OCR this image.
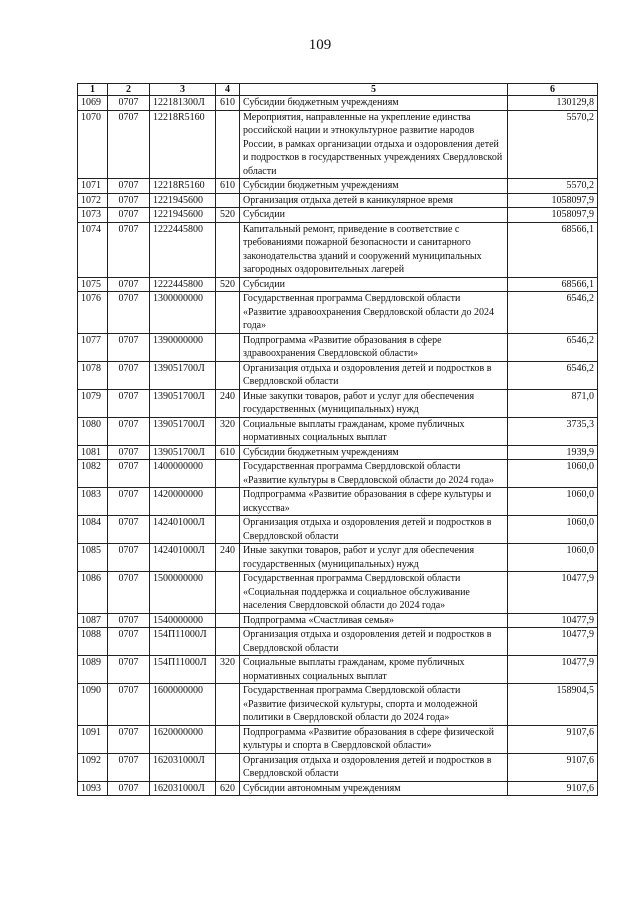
109
1	2	3	4	5	6
1069	0707	122181300Л	610	Субсидии бюджетным учреждениям	130129,8
1070	0707	12218R5160		Мероприятия, направленные на укрепление единства российской нации и этнокультурное развитие народов России, в рамках организации отдыха и оздоровления детей и подростков в государственных учреждениях Свердловской области	5570,2
1071	0707	12218R5160	610	Субсидии бюджетным учреждениям	5570,2
1072	0707	1221945600		Организация отдыха детей в каникулярное время	1058097,9
1073	0707	1221945600	520	Субсидии	1058097,9
1074	0707	1222445800		Капитальный ремонт, приведение в соответствие с требованиями пожарной безопасности и санитарного законодательства зданий и сооружений муниципальных загородных оздоровительных лагерей	68566,1
1075	0707	1222445800	520	Субсидии	68566,1
1076	0707	1300000000		Государственная программа Свердловской области «Развитие здравоохранения Свердловской области до 2024 года»	6546,2
1077	0707	1390000000		Подпрограмма «Развитие образования в сфере здравоохранения Свердловской области»	6546,2
1078	0707	139051700Л		Организация отдыха и оздоровления детей и подростков в Свердловской области	6546,2
1079	0707	139051700Л	240	Иные закупки товаров, работ и услуг для обеспечения государственных (муниципальных) нужд	871,0
1080	0707	139051700Л	320	Социальные выплаты гражданам, кроме публичных нормативных социальных выплат	3735,3
1081	0707	139051700Л	610	Субсидии бюджетным учреждениям	1939,9
1082	0707	1400000000		Государственная программа Свердловской области «Развитие культуры в Свердловской области до 2024 года»	1060,0
1083	0707	1420000000		Подпрограмма «Развитие образования в сфере культуры и искусства»	1060,0
1084	0707	142401000Л		Организация отдыха и оздоровления детей и подростков в Свердловской области	1060,0
1085	0707	142401000Л	240	Иные закупки товаров, работ и услуг для обеспечения государственных (муниципальных) нужд	1060,0
1086	0707	1500000000		Государственная программа Свердловской области «Социальная поддержка и социальное обслуживание населения Свердловской области до 2024 года»	10477,9
1087	0707	1540000000		Подпрограмма «Счастливая семья»	10477,9
1088	0707	154П11000Л		Организация отдыха и оздоровления детей и подростков в Свердловской области	10477,9
1089	0707	154П11000Л	320	Социальные выплаты гражданам, кроме публичных нормативных социальных выплат	10477,9
1090	0707	1600000000		Государственная программа Свердловской области «Развитие физической культуры, спорта и молодежной политики в Свердловской области до 2024 года»	158904,5
1091	0707	1620000000		Подпрограмма «Развитие образования в сфере физической культуры и спорта в Свердловской области»	9107,6
1092	0707	162031000Л		Организация отдыха и оздоровления детей и подростков в Свердловской области	9107,6
1093	0707	162031000Л	620	Субсидии автономным учреждениям	9107,6
